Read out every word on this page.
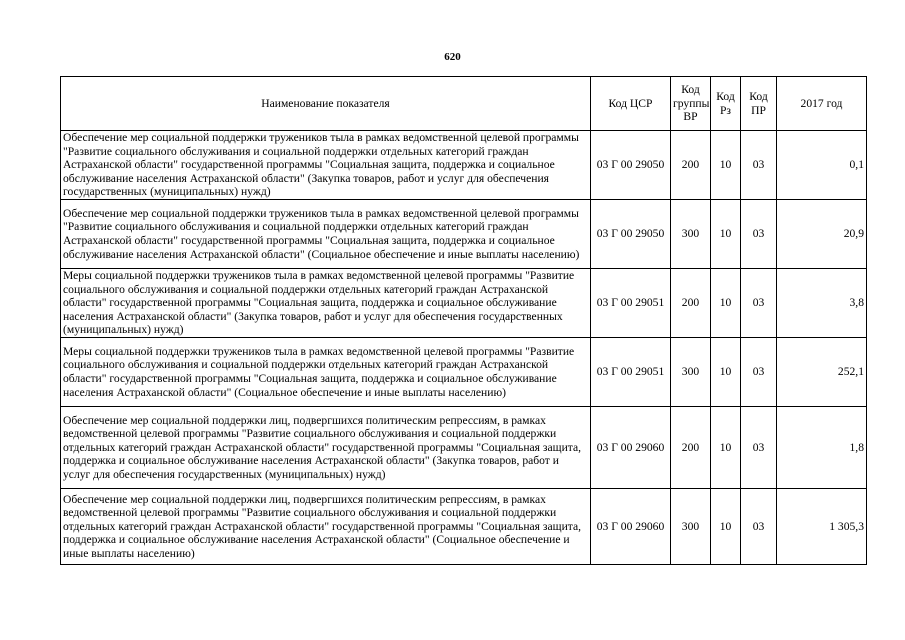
620
Наименование показателя	Код ЦСР	Код группы ВР	Код Рз	Код ПР	2017 год
Обеспечение мер социальной поддержки тружеников тыла в рамках ведомственной целевой программы "Развитие социального обслуживания и социальной поддержки отдельных категорий граждан Астраханской области" государственной программы "Социальная защита, поддержка и социальное обслуживание населения Астраханской области" (Закупка товаров, работ и услуг для обеспечения государственных (муниципальных) нужд)	03 Г 00 29050	200	10	03	0,1
Обеспечение мер социальной поддержки тружеников тыла в рамках ведомственной целевой программы "Развитие социального обслуживания и социальной поддержки отдельных категорий граждан Астраханской области" государственной программы "Социальная защита, поддержка и социальное обслуживание населения Астраханской области" (Социальное обеспечение и иные выплаты населению)	03 Г 00 29050	300	10	03	20,9
Меры социальной поддержки тружеников тыла в рамках ведомственной целевой программы "Развитие социального обслуживания и социальной поддержки отдельных категорий граждан Астраханской области" государственной программы "Социальная защита, поддержка и социальное обслуживание населения Астраханской области" (Закупка товаров, работ и услуг для обеспечения государственных (муниципальных) нужд)	03 Г 00 29051	200	10	03	3,8
Меры социальной поддержки тружеников тыла в рамках ведомственной целевой программы "Развитие социального обслуживания и социальной поддержки отдельных категорий граждан Астраханской области" государственной программы "Социальная защита, поддержка и социальное обслуживание населения Астраханской области" (Социальное обеспечение и иные выплаты населению)	03 Г 00 29051	300	10	03	252,1
Обеспечение мер социальной поддержки лиц, подвергшихся политическим репрессиям, в рамках ведомственной целевой программы "Развитие социального обслуживания и социальной поддержки отдельных категорий граждан Астраханской области" государственной программы "Социальная защита, поддержка и социальное обслуживание населения Астраханской области" (Закупка товаров, работ и услуг для обеспечения государственных (муниципальных) нужд)	03 Г 00 29060	200	10	03	1,8
Обеспечение мер социальной поддержки лиц, подвергшихся политическим репрессиям, в рамках ведомственной целевой программы "Развитие социального обслуживания и социальной поддержки отдельных категорий граждан Астраханской области" государственной программы "Социальная защита, поддержка и социальное обслуживание населения Астраханской области" (Социальное обеспечение и иные выплаты населению)	03 Г 00 29060	300	10	03	1 305,3
